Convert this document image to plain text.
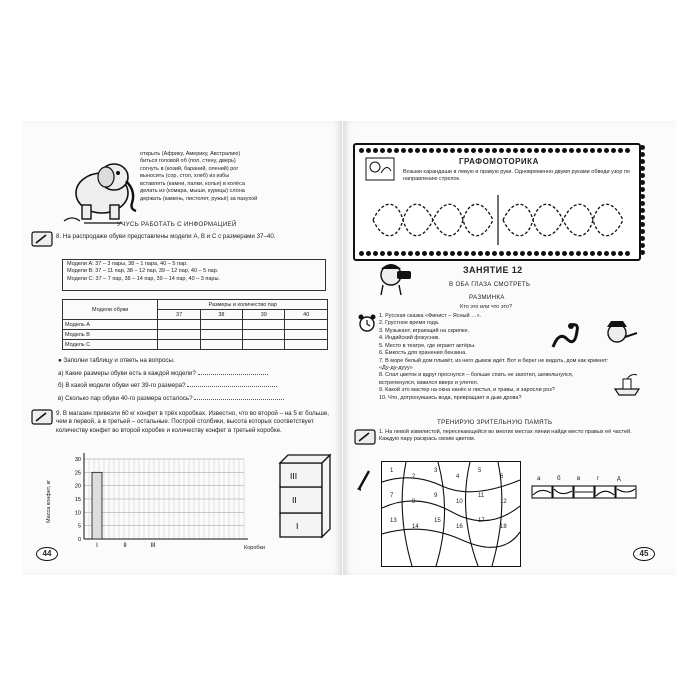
открыть (Африку, Америку, Австралию)
биться головой об (пол, стену, дверь)
согнуть в (козий, бараний, олений) рог
выносить (сор, стол, хлеб) из избы
вставлять (камни, палки, колья) в колёса
делать из (комара, мыши, курицы) слона
держать (камень, пистолет, ружьё) за пазухой
УЧУСЬ РАБОТАТЬ С ИНФОРМАЦИЕЙ
8. На распродаже обуви представлены модели А, В и С с размерами 37–40.
Модели А: 37 – 3 пары, 38 – 1 пара, 40 – 5 пар.
Модели В: 37 – 11 пар, 38 – 12 пар, 39 – 12 пар, 40 – 5 пар.
Модели С: 37 – 7 пар, 38 – 14 пар, 39 – 14 пар, 40 – 3 пары.
Модели обуви	Размеры и количество пар			
	37	38	39	40
Модель А				
Модель В				
Модель С				
● Заполни таблицу и ответь на вопросы.
а) Какие размеры обуви есть в каждой модели?
б) В какой модели обуви нет 39-го размера?
в) Сколько пар обуви 40-го размера осталось?
9. В магазин привезли 60 кг конфет в трёх коробках. Известно, что во второй – на 5 кг больше, чем в первой, а в третьей – остальные. Построй столбики, высота которых соответствует количеству конфет во второй коробке и количеству конфет в третьей коробке.
Масса конфет, кг
0
5
10
15
20
25
30
I	II	III	Коробки
III
II
I
44
ГРАФОМОТОРИКА
Возьми карандаши в левую и правую руки. Одновременно двумя руками обведи узор по направлению стрелок.
ЗАНЯТИЕ 12
В ОБА ГЛАЗА СМОТРЕТЬ
РАЗМИНКА
Кто это или что это?
1. Русская сказка «Финист – Ясный …».
2. Грустное время года.
3. Музыкант, играющий на скрипке.
4. Индийский фокусник.
5. Место в театре, где играют актёры.
6. Ёмкость для хранения бензина.
7. В море белый дом плывёт, из него дымок идёт. Вот и берег не видать, дом как крикнет: «Ду-ду-дууу»
8. Спал цветок и вдруг проснулся – больше спать не захотел, шевельнулся, встрепенулся, взвился вверх и улетел.
9. Какой это мастер на окна нанёс и листья, и травы, и заросли роз?
10. Что, дотронувшись вода, превращает в дым дрова?
ТРЕНИРУЮ ЗРИТЕЛЬНУЮ ПАМЯТЬ
1. На левой извилистой, пересекающейся во многих местах линии найди место правых её частей. Каждую пару раскрась своим цветом.
1
2
3
4
5
6
7
8
9
10
11
12
13
14
15
16
17
18
а	б	в	г	д
45
